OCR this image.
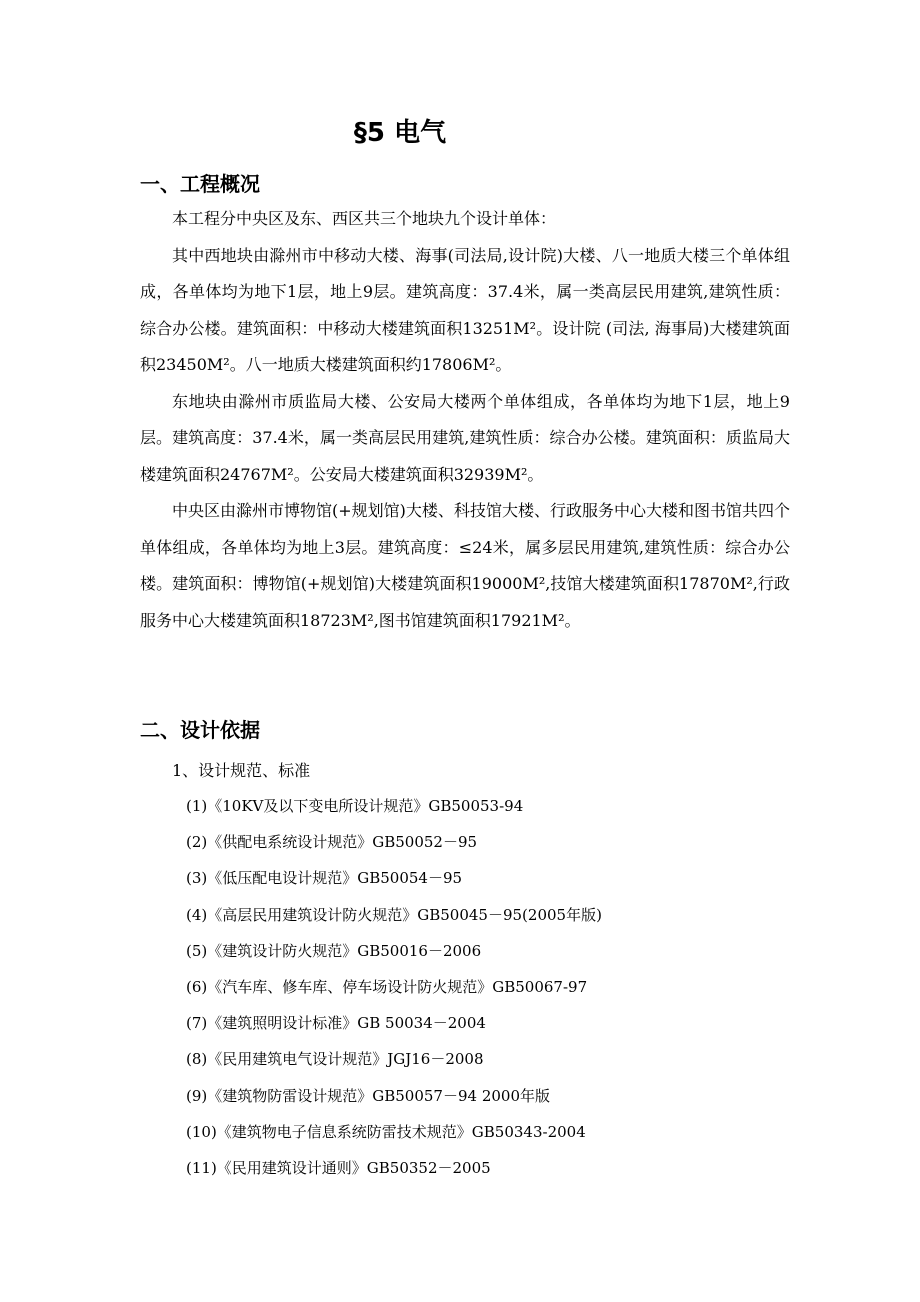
§5 电气
一、工程概况

本工程分中央区及东、西区共三个地块九个设计单体：

其中西地块由滁州市中移动大楼、海事(司法局,设计院)大楼、八一地质大楼三个单体组成，各单体均为地下1层，地上9层。建筑高度：37.4米，属一类高层民用建筑,建筑性质：综合办公楼。建筑面积：中移动大楼建筑面积13251M²。设计院 (司法, 海事局)大楼建筑面积23450M²。八一地质大楼建筑面积约17806M²。

东地块由滁州市质监局大楼、公安局大楼两个单体组成，各单体均为地下1层，地上9层。建筑高度：37.4米，属一类高层民用建筑,建筑性质：综合办公楼。建筑面积：质监局大楼建筑面积24767M²。公安局大楼建筑面积32939M²。

中央区由滁州市博物馆(+规划馆)大楼、科技馆大楼、行政服务中心大楼和图书馆共四个单体组成，各单体均为地上3层。建筑高度：≤24米，属多层民用建筑,建筑性质：综合办公楼。建筑面积：博物馆(+规划馆)大楼建筑面积19000M²,技馆大楼建筑面积17870M²,行政服务中心大楼建筑面积18723M²,图书馆建筑面积17921M²。

二、设计依据
1、设计规范、标准
(1)《10KV及以下变电所设计规范》GB50053-94
(2)《供配电系统设计规范》GB50052－95
(3)《低压配电设计规范》GB50054－95
(4)《高层民用建筑设计防火规范》GB50045－95(2005年版)
(5)《建筑设计防火规范》GB50016－2006
(6)《汽车库、修车库、停车场设计防火规范》GB50067-97
(7)《建筑照明设计标准》GB 50034－2004
(8)《民用建筑电气设计规范》JGJ16－2008
(9)《建筑物防雷设计规范》GB50057－94 2000年版
(10)《建筑物电子信息系统防雷技术规范》GB50343-2004
(11)《民用建筑设计通则》GB50352－2005
